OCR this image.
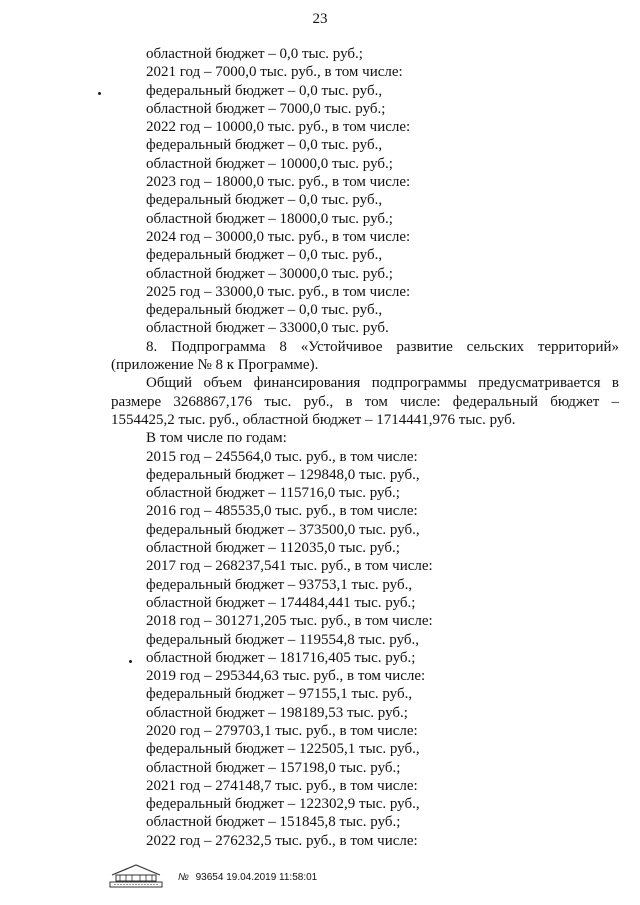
23
областной бюджет – 0,0 тыс. руб.;
2021 год – 7000,0 тыс. руб., в том числе:
федеральный бюджет – 0,0 тыс. руб.,
областной бюджет – 7000,0 тыс. руб.;
2022 год – 10000,0 тыс. руб., в том числе:
федеральный бюджет – 0,0 тыс. руб.,
областной бюджет – 10000,0 тыс. руб.;
2023 год – 18000,0 тыс. руб., в том числе:
федеральный бюджет – 0,0 тыс. руб.,
областной бюджет – 18000,0 тыс. руб.;
2024 год – 30000,0 тыс. руб., в том числе:
федеральный бюджет – 0,0 тыс. руб.,
областной бюджет – 30000,0 тыс. руб.;
2025 год – 33000,0 тыс. руб., в том числе:
федеральный бюджет – 0,0 тыс. руб.,
областной бюджет – 33000,0 тыс. руб.
8. Подпрограмма 8 «Устойчивое развитие сельских территорий»
(приложение № 8 к Программе).
Общий объем финансирования подпрограммы предусматривается в
размере 3268867,176 тыс. руб., в том числе: федеральный бюджет –
1554425,2 тыс. руб., областной бюджет – 1714441,976 тыс. руб.
В том числе по годам:
2015 год – 245564,0 тыс. руб., в том числе:
федеральный бюджет – 129848,0 тыс. руб.,
областной бюджет – 115716,0 тыс. руб.;
2016 год – 485535,0 тыс. руб., в том числе:
федеральный бюджет – 373500,0 тыс. руб.,
областной бюджет – 112035,0 тыс. руб.;
2017 год – 268237,541 тыс. руб., в том числе:
федеральный бюджет – 93753,1 тыс. руб.,
областной бюджет – 174484,441 тыс. руб.;
2018 год – 301271,205 тыс. руб., в том числе:
федеральный бюджет – 119554,8 тыс. руб.,
областной бюджет – 181716,405 тыс. руб.;
2019 год – 295344,63 тыс. руб., в том числе:
федеральный бюджет – 97155,1 тыс. руб.,
областной бюджет – 198189,53 тыс. руб.;
2020 год – 279703,1 тыс. руб., в том числе:
федеральный бюджет – 122505,1 тыс. руб.,
областной бюджет – 157198,0 тыс. руб.;
2021 год – 274148,7 тыс. руб., в том числе:
федеральный бюджет – 122302,9 тыс. руб.,
областной бюджет – 151845,8 тыс. руб.;
2022 год – 276232,5 тыс. руб., в том числе:
№ 93654 19.04.2019 11:58:01
